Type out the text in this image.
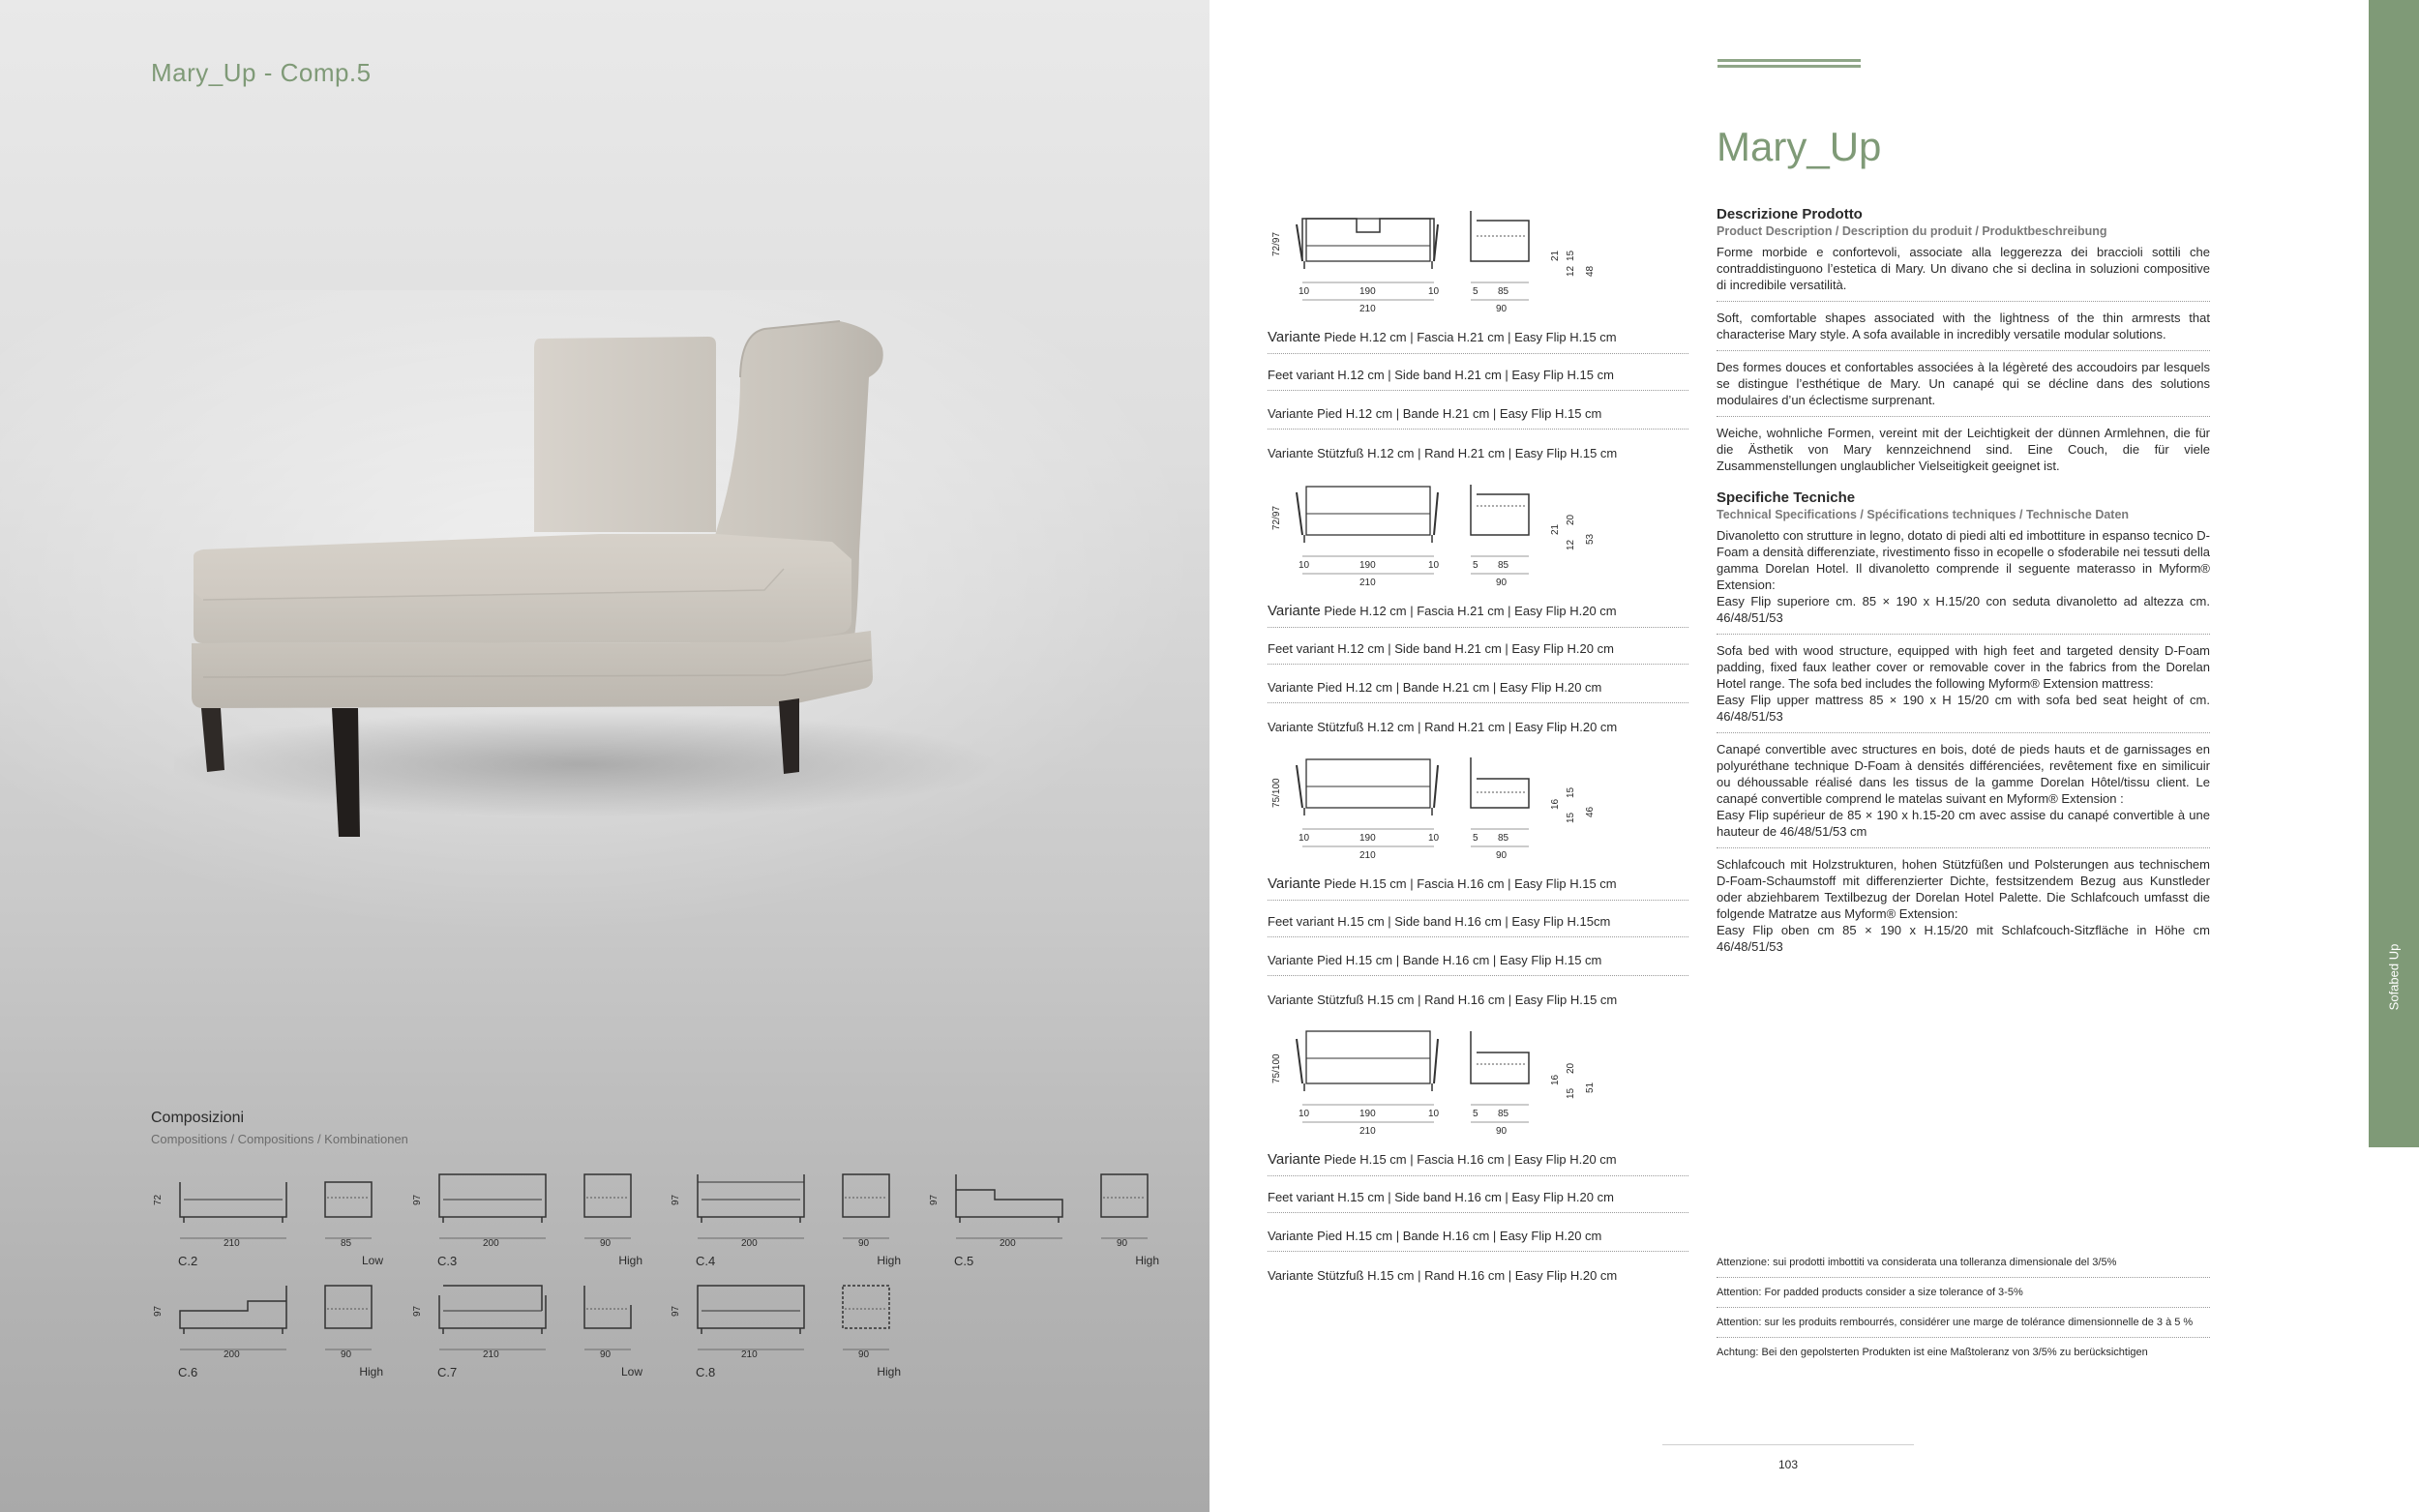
Mary_Up - Comp.5
Composizioni
Compositions / Compositions / Kombinationen
72
210	85
C.2	Low
97
200	90
C.3	High
97
200	90
C.4	High
97
200	90
C.5	High
97
200	90
C.6	High
97
210	90
C.7	Low
97
210	90
C.8	High
Mary_Up
Sofabed Up
72/97
10	190	10
210
5 85
90
21 15
12 48
Variante Piede H.12 cm | Fascia H.21 cm | Easy Flip H.15 cm
Feet variant H.12 cm | Side band H.21 cm | Easy Flip H.15 cm
Variante Pied H.12 cm | Bande H.21 cm | Easy Flip H.15 cm
Variante Stützfuß H.12 cm | Rand H.21 cm | Easy Flip H.15 cm
72/97
10	190	10
210
5 85
90
21
20
12
53
Variante Piede H.12 cm | Fascia H.21 cm | Easy Flip H.20 cm
Feet variant H.12 cm | Side band H.21 cm | Easy Flip H.20 cm
Variante Pied H.12 cm | Bande H.21 cm | Easy Flip H.20 cm
Variante Stützfuß H.12 cm | Rand H.21 cm | Easy Flip H.20 cm
75/100
10	190	10
210
5 85
90
16
15
15
46
Variante Piede H.15 cm | Fascia H.16 cm | Easy Flip H.15 cm
Feet variant H.15 cm | Side band H.16 cm | Easy Flip H.15cm
Variante Pied H.15 cm | Bande H.16 cm | Easy Flip H.15 cm
Variante Stützfuß H.15 cm | Rand H.16 cm | Easy Flip H.15 cm
75/100
10	190	10
210
5 85
90
16
20
15
51
Variante Piede H.15 cm | Fascia H.16 cm | Easy Flip H.20 cm
Feet variant H.15 cm | Side band H.16 cm | Easy Flip H.20 cm
Variante Pied H.15 cm | Bande H.16 cm | Easy Flip H.20 cm
Variante Stützfuß H.15 cm | Rand H.16 cm | Easy Flip H.20 cm

Descrizione Prodotto

Product Description / Description du produit / Produktbeschreibung

Forme morbide e confortevoli, associate alla leggerezza dei braccioli sottili che contraddistinguono l’estetica di Mary. Un divano che si declina in soluzioni compositive di incredibile versatilità.

Soft, comfortable shapes associated with the lightness of the thin armrests that characterise Mary style. A sofa available in incredibly versatile modular solutions.

Des formes douces et confortables associées à la légèreté des accoudoirs par lesquels se distingue l’esthétique de Mary. Un canapé qui se décline dans des solutions modulaires d’un éclectisme surprenant.

Weiche, wohnliche Formen, vereint mit der Leichtigkeit der dünnen Armlehnen, die für die Ästhetik von Mary kennzeichnend sind. Eine Couch, die für viele Zusammenstellungen unglaublicher Vielseitigkeit geeignet ist.

Specifiche Tecniche

Technical Specifications / Spécifications techniques / Technische Daten

Divanoletto con strutture in legno, dotato di piedi alti ed imbottiture in espanso tecnico D-Foam a densità differenziate, rivestimento fisso in ecopelle o sfoderabile nei tessuti della gamma Dorelan Hotel. Il divanoletto comprende il seguente materasso in Myform® Extension:
Easy Flip superiore cm. 85 × 190 x H.15/20 con seduta divanoletto ad altezza cm. 46/48/51/53

Sofa bed with wood structure, equipped with high feet and targeted density D-Foam padding, fixed faux leather cover or removable cover in the fabrics from the Dorelan Hotel range. The sofa bed includes the following Myform® Extension mattress:
Easy Flip upper mattress 85 × 190 x H 15/20 cm with sofa bed seat height of cm. 46/48/51/53

Canapé convertible avec structures en bois, doté de pieds hauts et de garnissages en polyuréthane technique D-Foam à densités différenciées, revêtement fixe en similicuir ou déhoussable réalisé dans les tissus de la gamme Dorelan Hôtel/tissu client. Le canapé convertible comprend le matelas suivant en Myform® Extension :
Easy Flip supérieur de 85 × 190 x h.15-20 cm avec assise du canapé convertible à une hauteur de 46/48/51/53 cm

Schlafcouch mit Holzstrukturen, hohen Stützfüßen und Polsterungen aus technischem D-Foam-Schaumstoff mit differenzierter Dichte, festsitzendem Bezug aus Kunstleder oder abziehbarem Textilbezug der Dorelan Hotel Palette. Die Schlafcouch umfasst die folgende Matratze aus Myform® Extension:
Easy Flip oben cm 85 × 190 x H.15/20 mit Schlafcouch-Sitzfläche in Höhe cm 46/48/51/53

Attenzione: sui prodotti imbottiti va considerata una tolleranza dimensionale del 3/5%
Attention: For padded products consider a size tolerance of 3-5%
Attention: sur les produits rembourrés, considérer une marge de tolérance dimensionnelle de 3 à 5 %
Achtung: Bei den gepolsterten Produkten ist eine Maßtoleranz von 3/5% zu berücksichtigen
103
